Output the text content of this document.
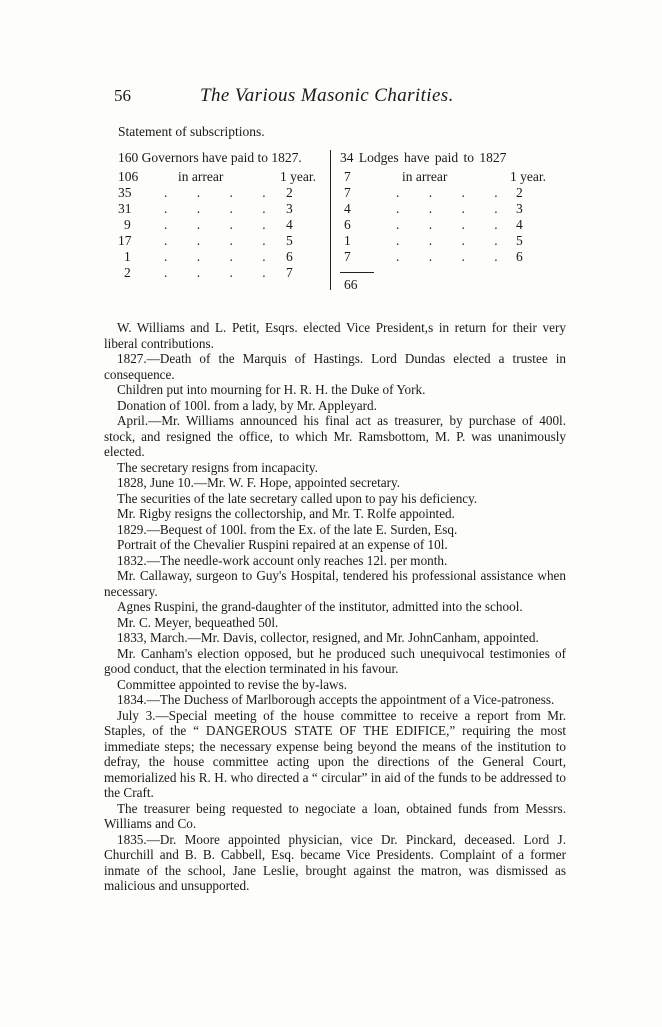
56	The Various Masonic Charities.
Statement of subscriptions.
160 Governors have paid to 1827.
106	in arrear	1 year.
35 . . . . 2
31 . . . . 3
9 . . . . 4
17 . . . . 5
1 . . . . 6
2 . . . . 7
34 Lodges have paid to 1827
7	in arrear	1 year.
7	. . . . 2
4	. . . . 3
6	. . . . 4
1	. . . . 5
7	. . . . 6
66

W. Williams and L. Petit, Esqrs. elected Vice President,s in return for their very liberal contributions.

1827.—Death of the Marquis of Hastings. Lord Dundas elected a trustee in consequence.

Children put into mourning for H. R. H. the Duke of York.

Donation of 100l. from a lady, by Mr. Appleyard.

April.—Mr. Williams announced his final act as treasurer, by purchase of 400l. stock, and resigned the office, to which Mr. Ramsbottom, M. P. was unanimously elected.

The secretary resigns from incapacity.

1828, June 10.—Mr. W. F. Hope, appointed secretary.

The securities of the late secretary called upon to pay his deficiency.

Mr. Rigby resigns the collectorship, and Mr. T. Rolfe appointed.

1829.—Bequest of 100l. from the Ex. of the late E. Surden, Esq.

Portrait of the Chevalier Ruspini repaired at an expense of 10l.

1832.—The needle-work account only reaches 12l. per month.

Mr. Callaway, surgeon to Guy's Hospital, tendered his professional assistance when necessary.

Agnes Ruspini, the grand-daughter of the institutor, admitted into the school.

Mr. C. Meyer, bequeathed 50l.

1833, March.—Mr. Davis, collector, resigned, and Mr. JohnCanham, appointed.

Mr. Canham's election opposed, but he produced such unequivocal testimonies of good conduct, that the election terminated in his favour.

Committee appointed to revise the by-laws.

1834.—The Duchess of Marlborough accepts the appointment of a Vice-patroness.

July 3.—Special meeting of the house committee to receive a report from Mr. Staples, of the “ DANGEROUS STATE OF THE EDIFICE,” requiring the most immediate steps; the necessary expense being beyond the means of the institution to defray, the house committee acting upon the directions of the General Court, memorialized his R. H. who directed a “ circular” in aid of the funds to be addressed to the Craft.

The treasurer being requested to negociate a loan, obtained funds from Messrs. Williams and Co.

1835.—Dr. Moore appointed physician, vice Dr. Pinckard, deceased. Lord J. Churchill and B. B. Cabbell, Esq. became Vice Presidents. Complaint of a former inmate of the school, Jane Leslie, brought against the matron, was dismissed as malicious and unsupported.
